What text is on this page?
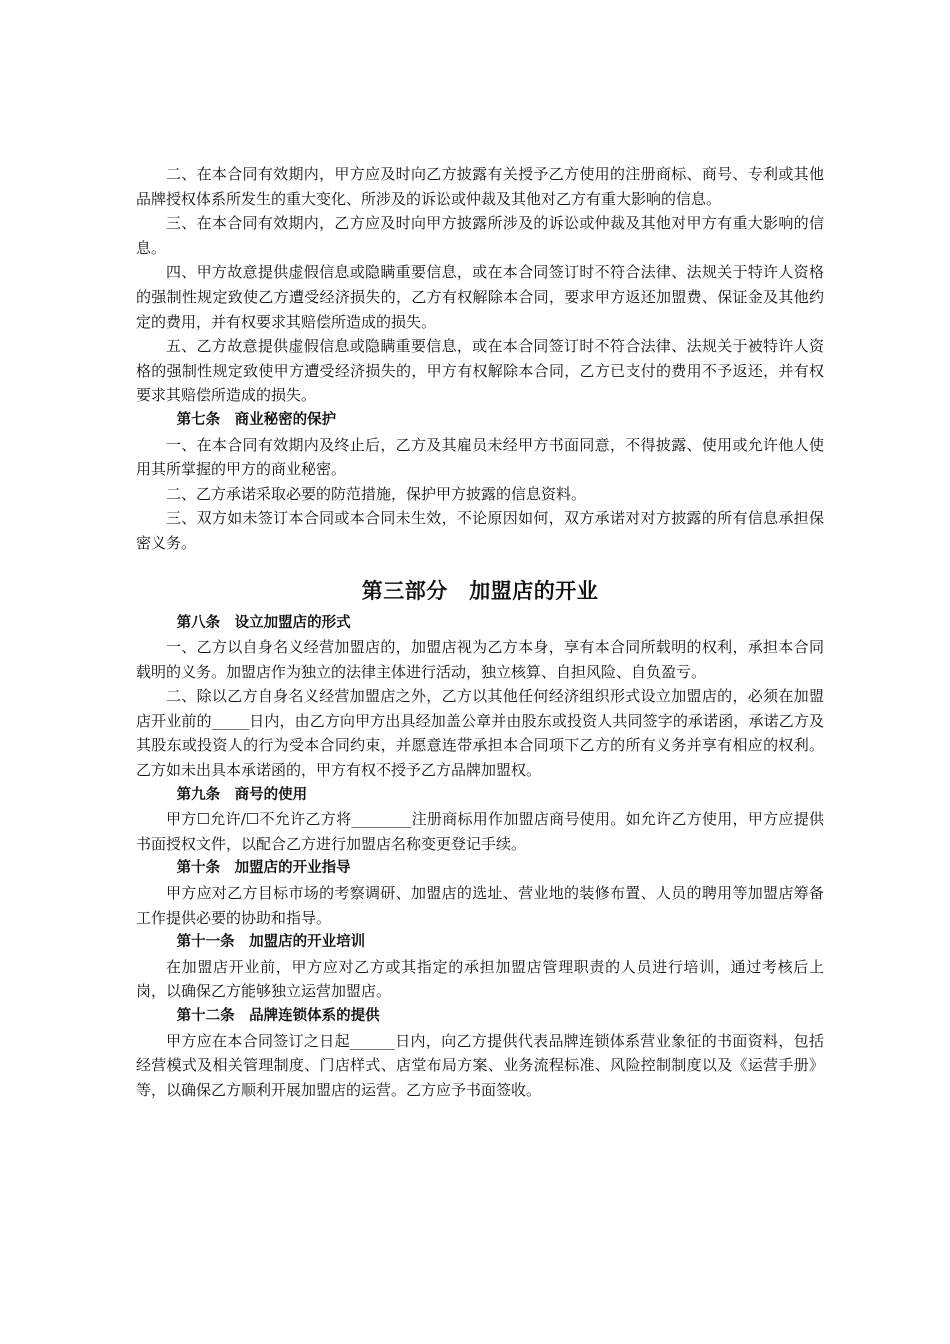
二、在本合同有效期内，甲方应及时向乙方披露有关授予乙方使用的注册商标、商号、专利或其他品牌授权体系所发生的重大变化、所涉及的诉讼或仲裁及其他对乙方有重大影响的信息。

三、在本合同有效期内，乙方应及时向甲方披露所涉及的诉讼或仲裁及其他对甲方有重大影响的信息。

四、甲方故意提供虚假信息或隐瞒重要信息，或在本合同签订时不符合法律、法规关于特许人资格的强制性规定致使乙方遭受经济损失的，乙方有权解除本合同，要求甲方返还加盟费、保证金及其他约定的费用，并有权要求其赔偿所造成的损失。

五、乙方故意提供虚假信息或隐瞒重要信息，或在本合同签订时不符合法律、法规关于被特许人资格的强制性规定致使甲方遭受经济损失的，甲方有权解除本合同，乙方已支付的费用不予返还，并有权要求其赔偿所造成的损失。

第七条　商业秘密的保护

一、在本合同有效期内及终止后，乙方及其雇员未经甲方书面同意，不得披露、使用或允许他人使用其所掌握的甲方的商业秘密。

二、乙方承诺采取必要的防范措施，保护甲方披露的信息资料。

三、双方如未签订本合同或本合同未生效，不论原因如何，双方承诺对对方披露的所有信息承担保密义务。

第三部分　加盟店的开业

第八条　设立加盟店的形式

一、乙方以自身名义经营加盟店的，加盟店视为乙方本身，享有本合同所载明的权利，承担本合同载明的义务。加盟店作为独立的法律主体进行活动，独立核算、自担风险、自负盈亏。

二、除以乙方自身名义经营加盟店之外，乙方以其他任何经济组织形式设立加盟店的，必须在加盟店开业前的_____日内，由乙方向甲方出具经加盖公章并由股东或投资人共同签字的承诺函，承诺乙方及其股东或投资人的行为受本合同约束，并愿意连带承担本合同项下乙方的所有义务并享有相应的权利。乙方如未出具本承诺函的，甲方有权不授予乙方品牌加盟权。

第九条　商号的使用

甲方☐允许/☐不允许乙方将________注册商标用作加盟店商号使用。如允许乙方使用，甲方应提供书面授权文件，以配合乙方进行加盟店名称变更登记手续。

第十条　加盟店的开业指导

甲方应对乙方目标市场的考察调研、加盟店的选址、营业地的装修布置、人员的聘用等加盟店筹备工作提供必要的协助和指导。

第十一条　加盟店的开业培训

在加盟店开业前，甲方应对乙方或其指定的承担加盟店管理职责的人员进行培训，通过考核后上岗，以确保乙方能够独立运营加盟店。

第十二条　品牌连锁体系的提供

甲方应在本合同签订之日起______日内，向乙方提供代表品牌连锁体系营业象征的书面资料，包括经营模式及相关管理制度、门店样式、店堂布局方案、业务流程标准、风险控制制度以及《运营手册》等，以确保乙方顺利开展加盟店的运营。乙方应予书面签收。
